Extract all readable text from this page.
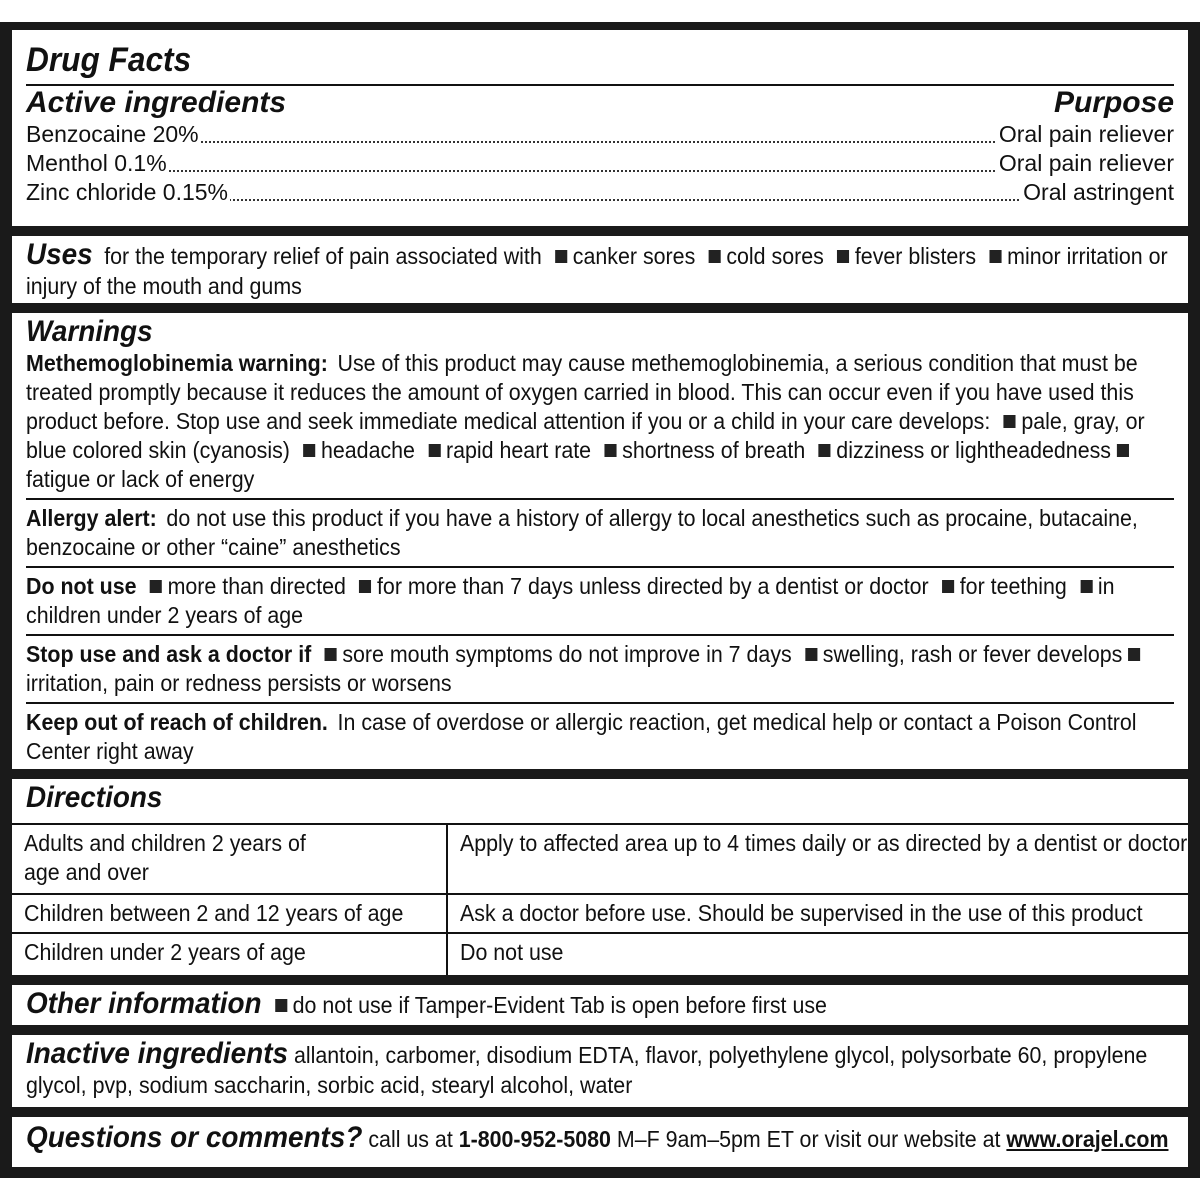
Drug Facts
Active ingredients	Purpose
Benzocaine 20%	Oral pain reliever
Menthol 0.1%	Oral pain reliever
Zinc chloride 0.15%	Oral astringent
Uses for the temporary relief of pain associated with canker sores cold sores fever blisters minor irritation or injury of the mouth and gums
Warnings
Methemoglobinemia warning: Use of this product may cause methemoglobinemia, a serious condition that must be treated promptly because it reduces the amount of oxygen carried in blood. This can occur even if you have used this product before. Stop use and seek immediate medical attention if you or a child in your care develops: pale, gray, or blue colored skin (cyanosis) headache rapid heart rate shortness of breath dizziness or lightheadedness fatigue or lack of energy
Allergy alert: do not use this product if you have a history of allergy to local anesthetics such as procaine, butacaine, benzocaine or other “caine” anesthetics
Do not use more than directed for more than 7 days unless directed by a dentist or doctor for teething in children under 2 years of age
Stop use and ask a doctor if sore mouth symptoms do not improve in 7 days swelling, rash or fever develops irritation, pain or redness persists or worsens
Keep out of reach of children. In case of overdose or allergic reaction, get medical help or contact a Poison Control Center right away
Directions
Adults and children 2 years of age and over	Apply to affected area up to 4 times daily or as directed by a dentist or doctor

Children between 2 and 12 years of age	Ask a doctor before use. Should be supervised in the use of this product

Children under 2 years of age	Do not use
Other information do not use if Tamper-Evident Tab is open before first use
Inactive ingredients allantoin, carbomer, disodium EDTA, flavor, polyethylene glycol, polysorbate 60, propylene glycol, pvp, sodium saccharin, sorbic acid, stearyl alcohol, water
Questions or comments? call us at 1-800-952-5080 M–F 9am–5pm ET or visit our website at www.orajel.com
